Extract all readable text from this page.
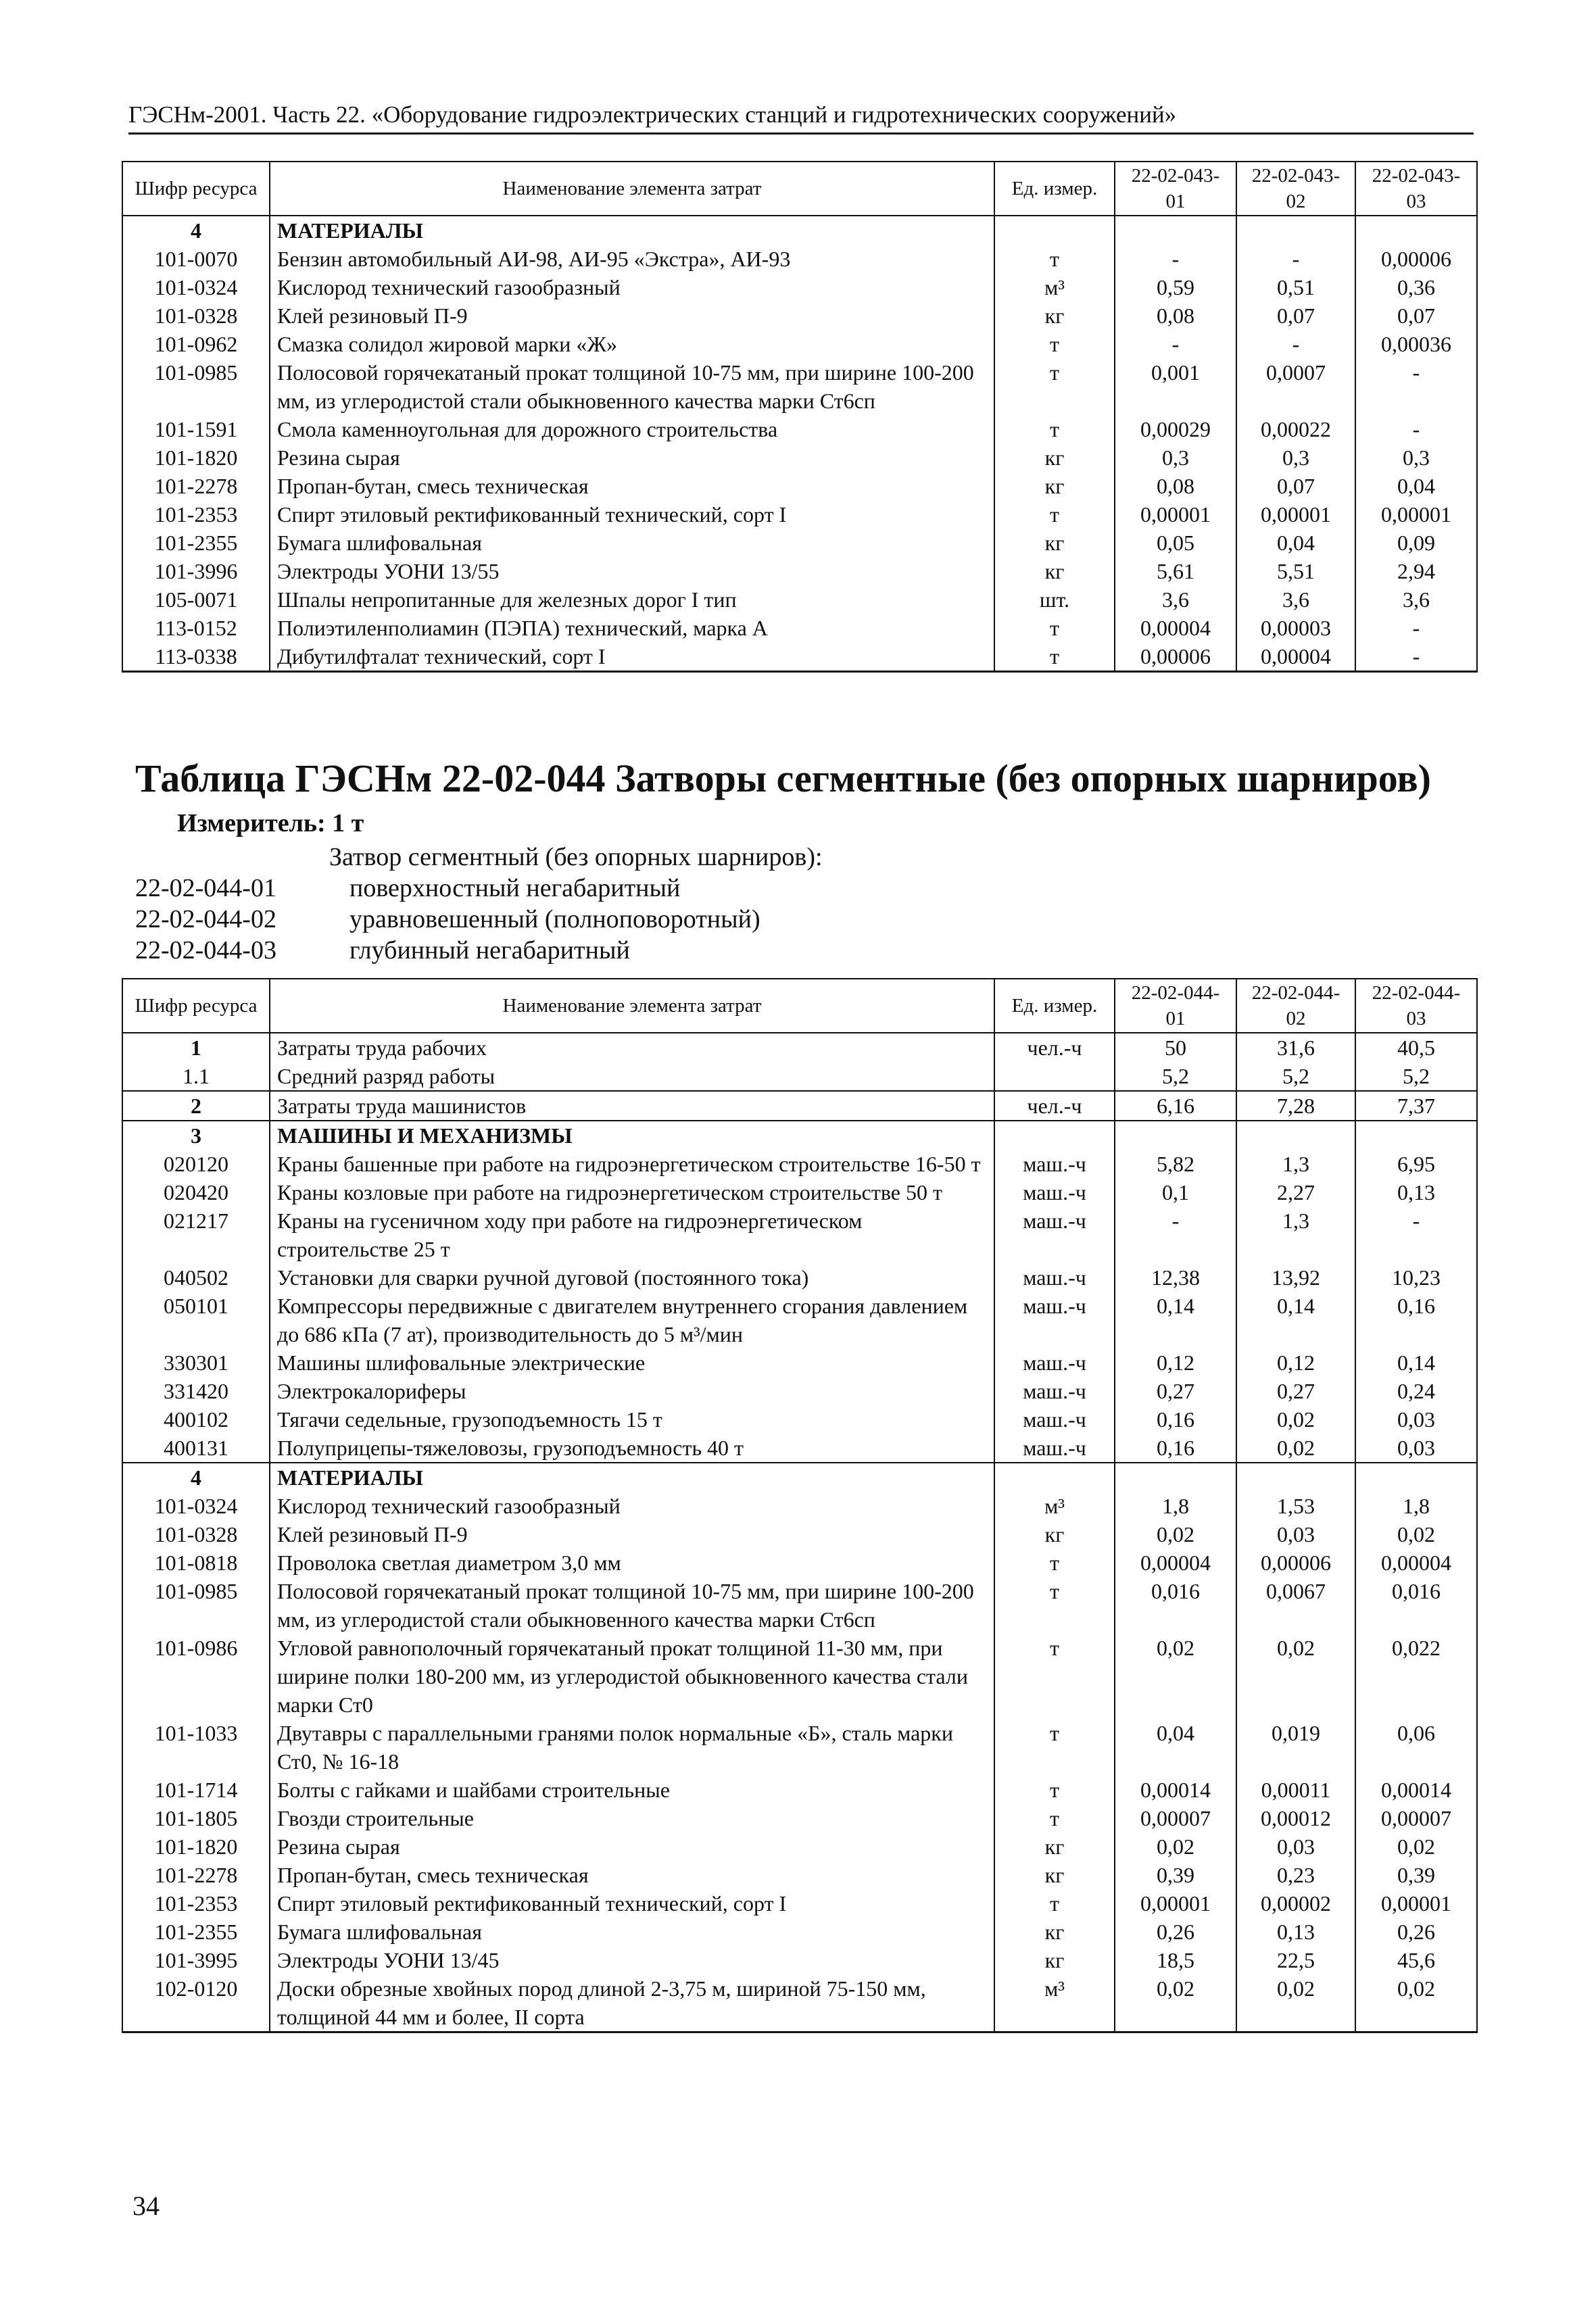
ГЭСНм-2001. Часть 22. «Оборудование гидроэлектрических станций и гидротехнических сооружений»
Шифр ресурса	Наименование элемента затрат	Ед. измер.	22-02-043-01	22-02-043-02	22-02-043-03
4	МАТЕРИАЛЫ				
101-0070	Бензин автомобильный АИ-98, АИ-95 «Экстра», АИ-93	т	-	-	0,00006
101-0324	Кислород технический газообразный	м³	0,59	0,51	0,36
101-0328	Клей резиновый П-9	кг	0,08	0,07	0,07
101-0962	Смазка солидол жировой марки «Ж»	т	-	-	0,00036
101-0985	Полосовой горячекатаный прокат толщиной 10-75 мм, при ширине 100-200 мм, из углеродистой стали обыкновенного качества марки Ст6сп	т	0,001	0,0007	-
101-1591	Смола каменноугольная для дорожного строительства	т	0,00029	0,00022	-
101-1820	Резина сырая	кг	0,3	0,3	0,3
101-2278	Пропан-бутан, смесь техническая	кг	0,08	0,07	0,04
101-2353	Спирт этиловый ректификованный технический, сорт I	т	0,00001	0,00001	0,00001
101-2355	Бумага шлифовальная	кг	0,05	0,04	0,09
101-3996	Электроды УОНИ 13/55	кг	5,61	5,51	2,94
105-0071	Шпалы непропитанные для железных дорог I тип	шт.	3,6	3,6	3,6
113-0152	Полиэтиленполиамин (ПЭПА) технический, марка А	т	0,00004	0,00003	-
113-0338	Дибутилфталат технический, сорт I	т	0,00006	0,00004	-
Таблица ГЭСНм 22-02-044 Затворы сегментные (без опорных шарниров)
Измеритель: 1 т
Затвор сегментный (без опорных шарниров):
22-02-044-01	поверхностный негабаритный
22-02-044-02	уравновешенный (полноповоротный)
22-02-044-03	глубинный негабаритный
Шифр ресурса	Наименование элемента затрат	Ед. измер.	22-02-044-01	22-02-044-02	22-02-044-03
1	Затраты труда рабочих	чел.-ч	50	31,6	40,5
1.1	Средний разряд работы		5,2	5,2	5,2
2	Затраты труда машинистов	чел.-ч	6,16	7,28	7,37
3	МАШИНЫ И МЕХАНИЗМЫ				
020120	Краны башенные при работе на гидроэнергетическом строительстве 16-50 т	маш.-ч	5,82	1,3	6,95
020420	Краны козловые при работе на гидроэнергетическом строительстве 50 т	маш.-ч	0,1	2,27	0,13
021217	Краны на гусеничном ходу при работе на гидроэнергетическом строительстве 25 т	маш.-ч	-	1,3	-
040502	Установки для сварки ручной дуговой (постоянного тока)	маш.-ч	12,38	13,92	10,23
050101	Компрессоры передвижные с двигателем внутреннего сгорания давлением до 686 кПа (7 ат), производительность до 5 м³/мин	маш.-ч	0,14	0,14	0,16
330301	Машины шлифовальные электрические	маш.-ч	0,12	0,12	0,14
331420	Электрокалориферы	маш.-ч	0,27	0,27	0,24
400102	Тягачи седельные, грузоподъемность 15 т	маш.-ч	0,16	0,02	0,03
400131	Полуприцепы-тяжеловозы, грузоподъемность 40 т	маш.-ч	0,16	0,02	0,03
4	МАТЕРИАЛЫ				
101-0324	Кислород технический газообразный	м³	1,8	1,53	1,8
101-0328	Клей резиновый П-9	кг	0,02	0,03	0,02
101-0818	Проволока светлая диаметром 3,0 мм	т	0,00004	0,00006	0,00004
101-0985	Полосовой горячекатаный прокат толщиной 10-75 мм, при ширине 100-200 мм, из углеродистой стали обыкновенного качества марки Ст6сп	т	0,016	0,0067	0,016
101-0986	Угловой равнополочный горячекатаный прокат толщиной 11-30 мм, при ширине полки 180-200 мм, из углеродистой обыкновенного качества стали марки Ст0	т	0,02	0,02	0,022
101-1033	Двутавры с параллельными гранями полок нормальные «Б», сталь марки Ст0, № 16-18	т	0,04	0,019	0,06
101-1714	Болты с гайками и шайбами строительные	т	0,00014	0,00011	0,00014
101-1805	Гвозди строительные	т	0,00007	0,00012	0,00007
101-1820	Резина сырая	кг	0,02	0,03	0,02
101-2278	Пропан-бутан, смесь техническая	кг	0,39	0,23	0,39
101-2353	Спирт этиловый ректификованный технический, сорт I	т	0,00001	0,00002	0,00001
101-2355	Бумага шлифовальная	кг	0,26	0,13	0,26
101-3995	Электроды УОНИ 13/45	кг	18,5	22,5	45,6
102-0120	Доски обрезные хвойных пород длиной 2-3,75 м, шириной 75-150 мм, толщиной 44 мм и более, II сорта	м³	0,02	0,02	0,02
34
